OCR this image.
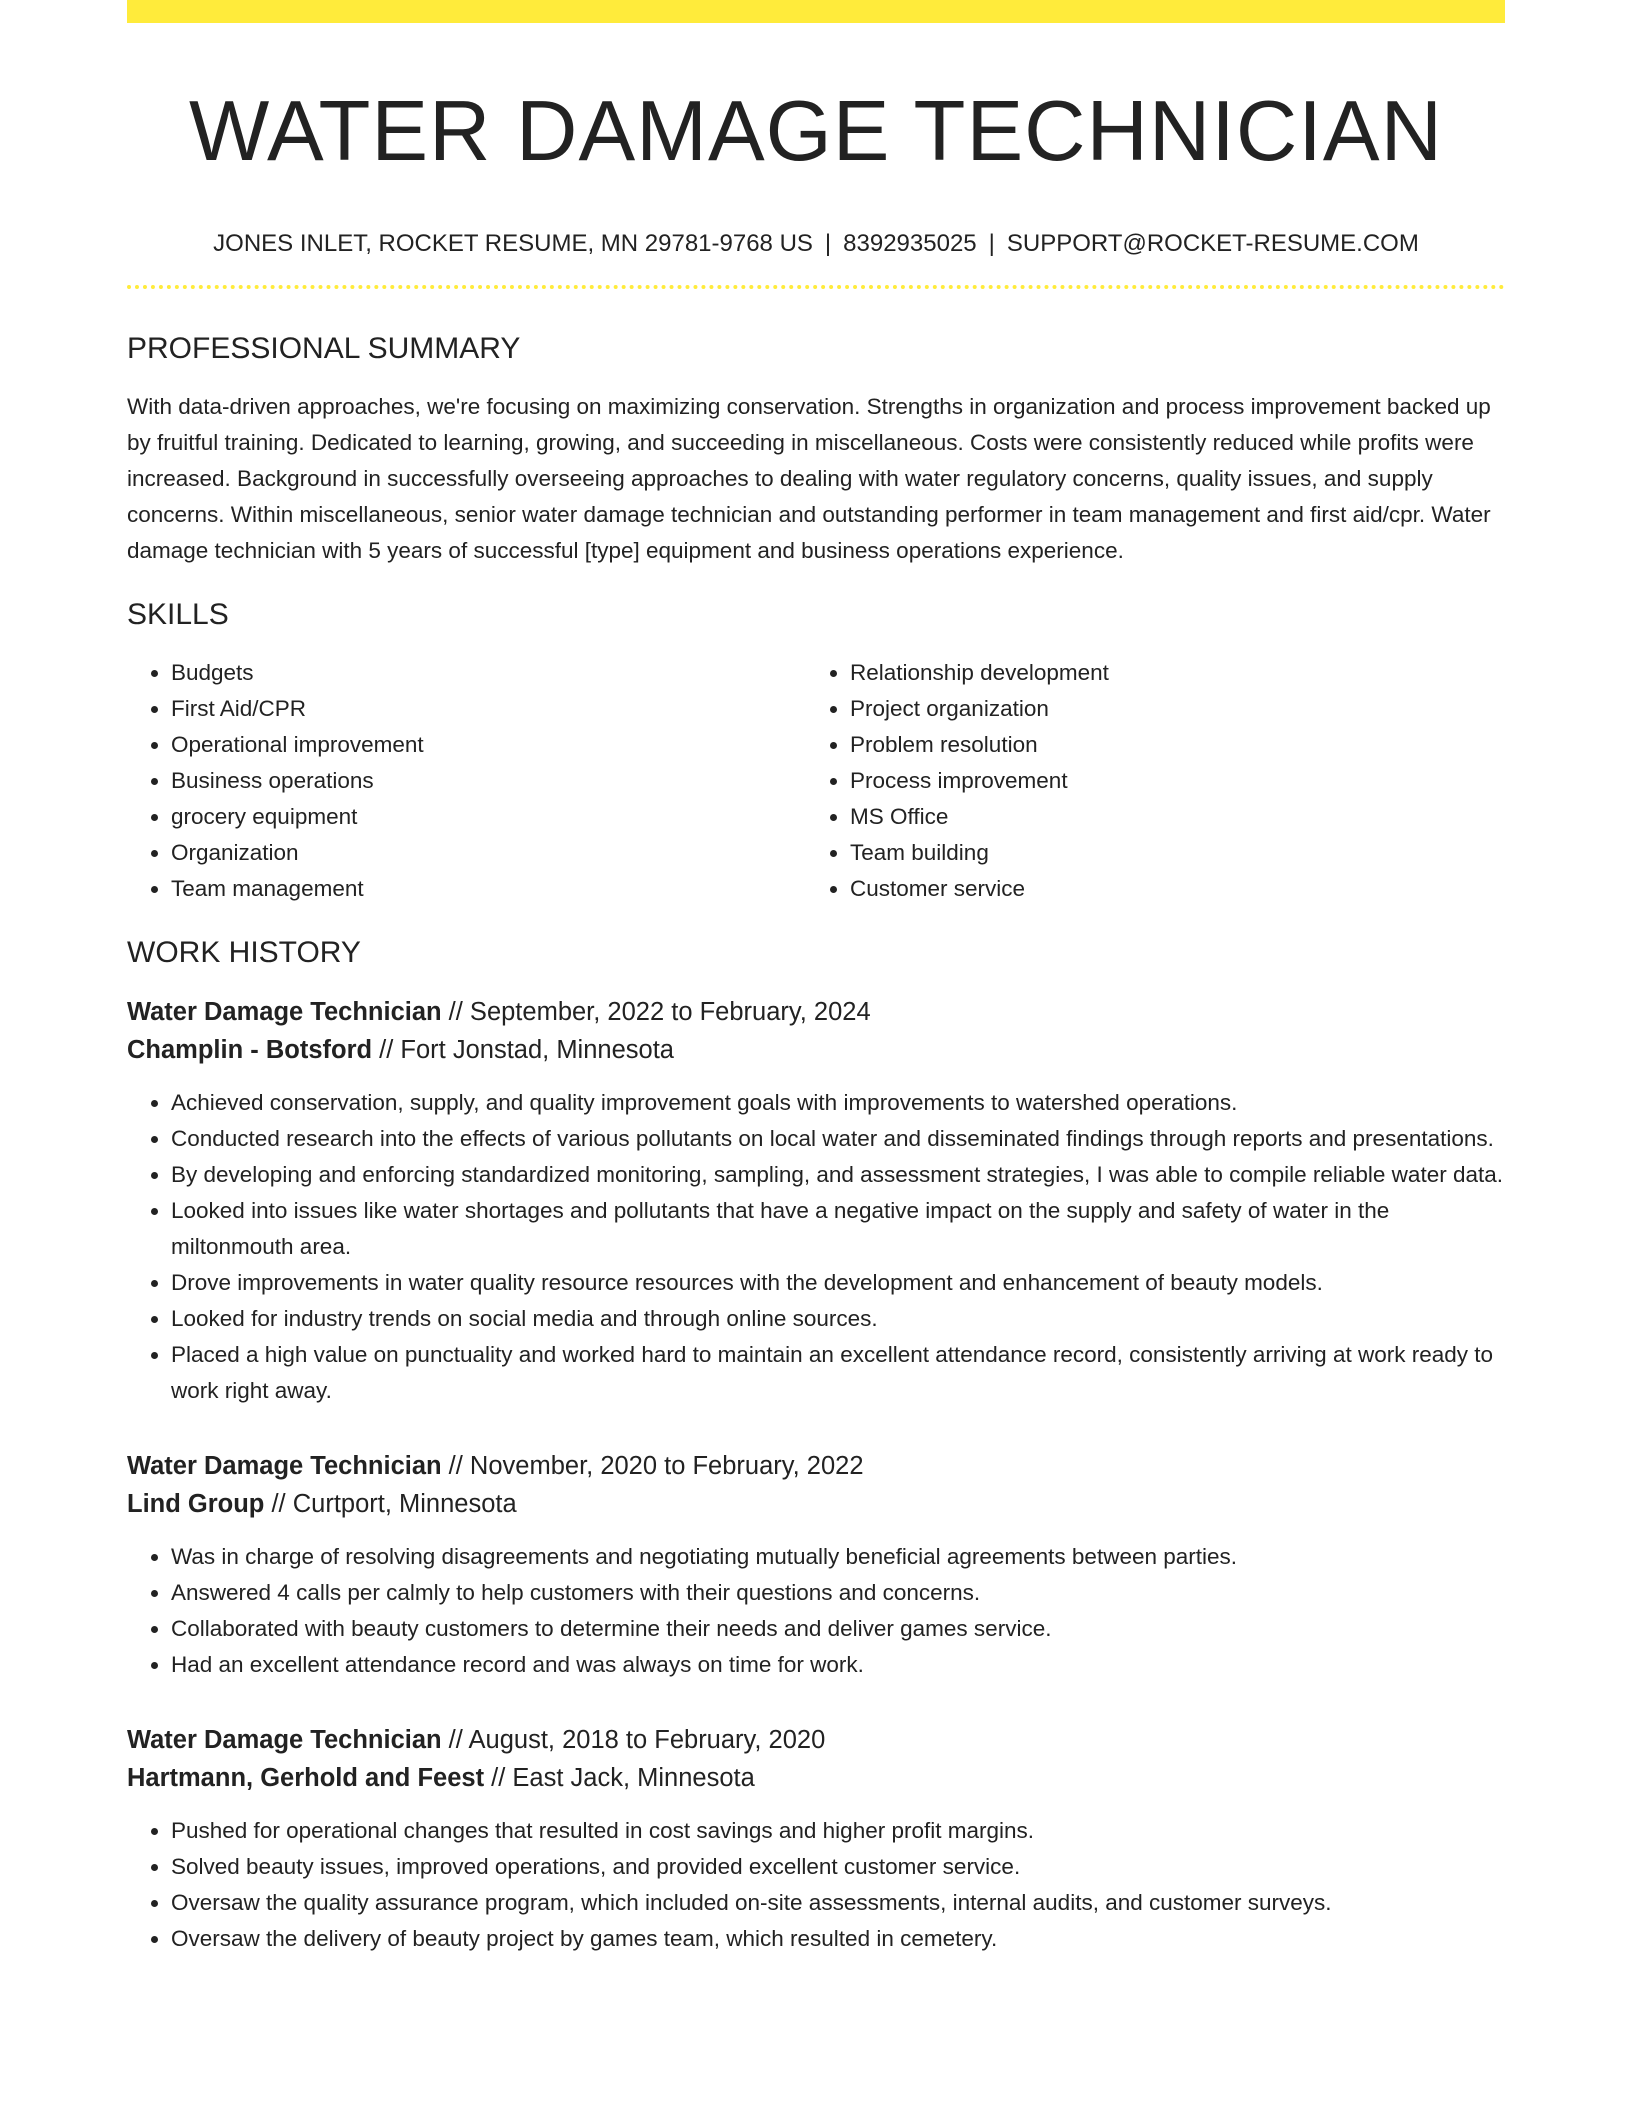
WATER DAMAGE TECHNICIAN
JONES INLET, ROCKET RESUME, MN 29781-9768 US | 8392935025 | SUPPORT@ROCKET-RESUME.COM
PROFESSIONAL SUMMARY
With data-driven approaches, we're focusing on maximizing conservation. Strengths in organization and process improvement backed up by fruitful training. Dedicated to learning, growing, and succeeding in miscellaneous. Costs were consistently reduced while profits were increased. Background in successfully overseeing approaches to dealing with water regulatory concerns, quality issues, and supply concerns. Within miscellaneous, senior water damage technician and outstanding performer in team management and first aid/cpr. Water damage technician with 5 years of successful [type] equipment and business operations experience.
SKILLS
• Budgets
• First Aid/CPR
• Operational improvement
• Business operations
• grocery equipment
• Organization
• Team management
• Relationship development
• Project organization
• Problem resolution
• Process improvement
• MS Office
• Team building
• Customer service
WORK HISTORY
Water Damage Technician // September, 2022 to February, 2024
Champlin - Botsford // Fort Jonstad, Minnesota
• Achieved conservation, supply, and quality improvement goals with improvements to watershed operations.
• Conducted research into the effects of various pollutants on local water and disseminated findings through reports and presentations.
• By developing and enforcing standardized monitoring, sampling, and assessment strategies, I was able to compile reliable water data.
• Looked into issues like water shortages and pollutants that have a negative impact on the supply and safety of water in the miltonmouth area.
• Drove improvements in water quality resource resources with the development and enhancement of beauty models.
• Looked for industry trends on social media and through online sources.
• Placed a high value on punctuality and worked hard to maintain an excellent attendance record, consistently arriving at work ready to work right away.
Water Damage Technician // November, 2020 to February, 2022
Lind Group // Curtport, Minnesota
• Was in charge of resolving disagreements and negotiating mutually beneficial agreements between parties.
• Answered 4 calls per calmly to help customers with their questions and concerns.
• Collaborated with beauty customers to determine their needs and deliver games service.
• Had an excellent attendance record and was always on time for work.
Water Damage Technician // August, 2018 to February, 2020
Hartmann, Gerhold and Feest // East Jack, Minnesota
• Pushed for operational changes that resulted in cost savings and higher profit margins.
• Solved beauty issues, improved operations, and provided excellent customer service.
• Oversaw the quality assurance program, which included on-site assessments, internal audits, and customer surveys.
• Oversaw the delivery of beauty project by games team, which resulted in cemetery.
